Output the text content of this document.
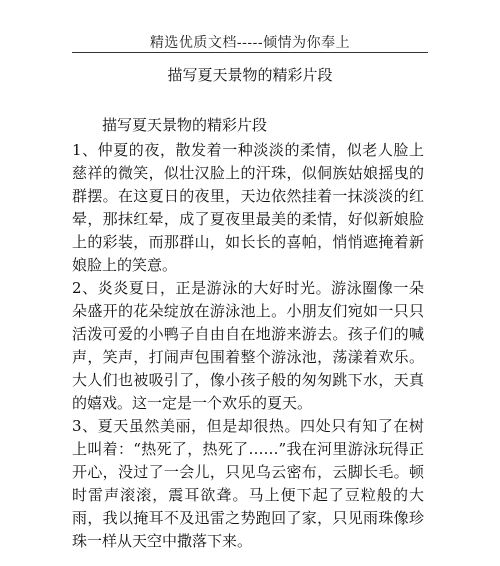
精选优质文档-----倾情为你奉上
描写夏天景物的精彩片段

描写夏天景物的精彩片段

1、仲夏的夜，散发着一种淡淡的柔情，似老人脸上慈祥的微笑，似壮汉脸上的汗珠，似侗族姑娘摇曳的群摆。在这夏日的夜里，天边依然挂着一抹淡淡的红晕，那抹红晕，成了夏夜里最美的柔情，好似新娘脸上的彩装，而那群山，如长长的喜帕，悄悄遮掩着新娘脸上的笑意。

2、炎炎夏日，正是游泳的大好时光。游泳圈像一朵朵盛开的花朵绽放在游泳池上。小朋友们宛如一只只活泼可爱的小鸭子自由自在地游来游去。孩子们的喊声，笑声，打闹声包围着整个游泳池，荡漾着欢乐。大人们也被吸引了，像小孩子般的匆匆跳下水，天真的嬉戏。这一定是一个欢乐的夏天。

3、夏天虽然美丽，但是却很热。四处只有知了在树上叫着：“热死了，热死了……”我在河里游泳玩得正开心，没过了一会儿，只见乌云密布，云脚长毛。顿时雷声滚滚，震耳欲聋。马上便下起了豆粒般的大雨，我以掩耳不及迅雷之势跑回了家，只见雨珠像珍珠一样从天空中撒落下来。
